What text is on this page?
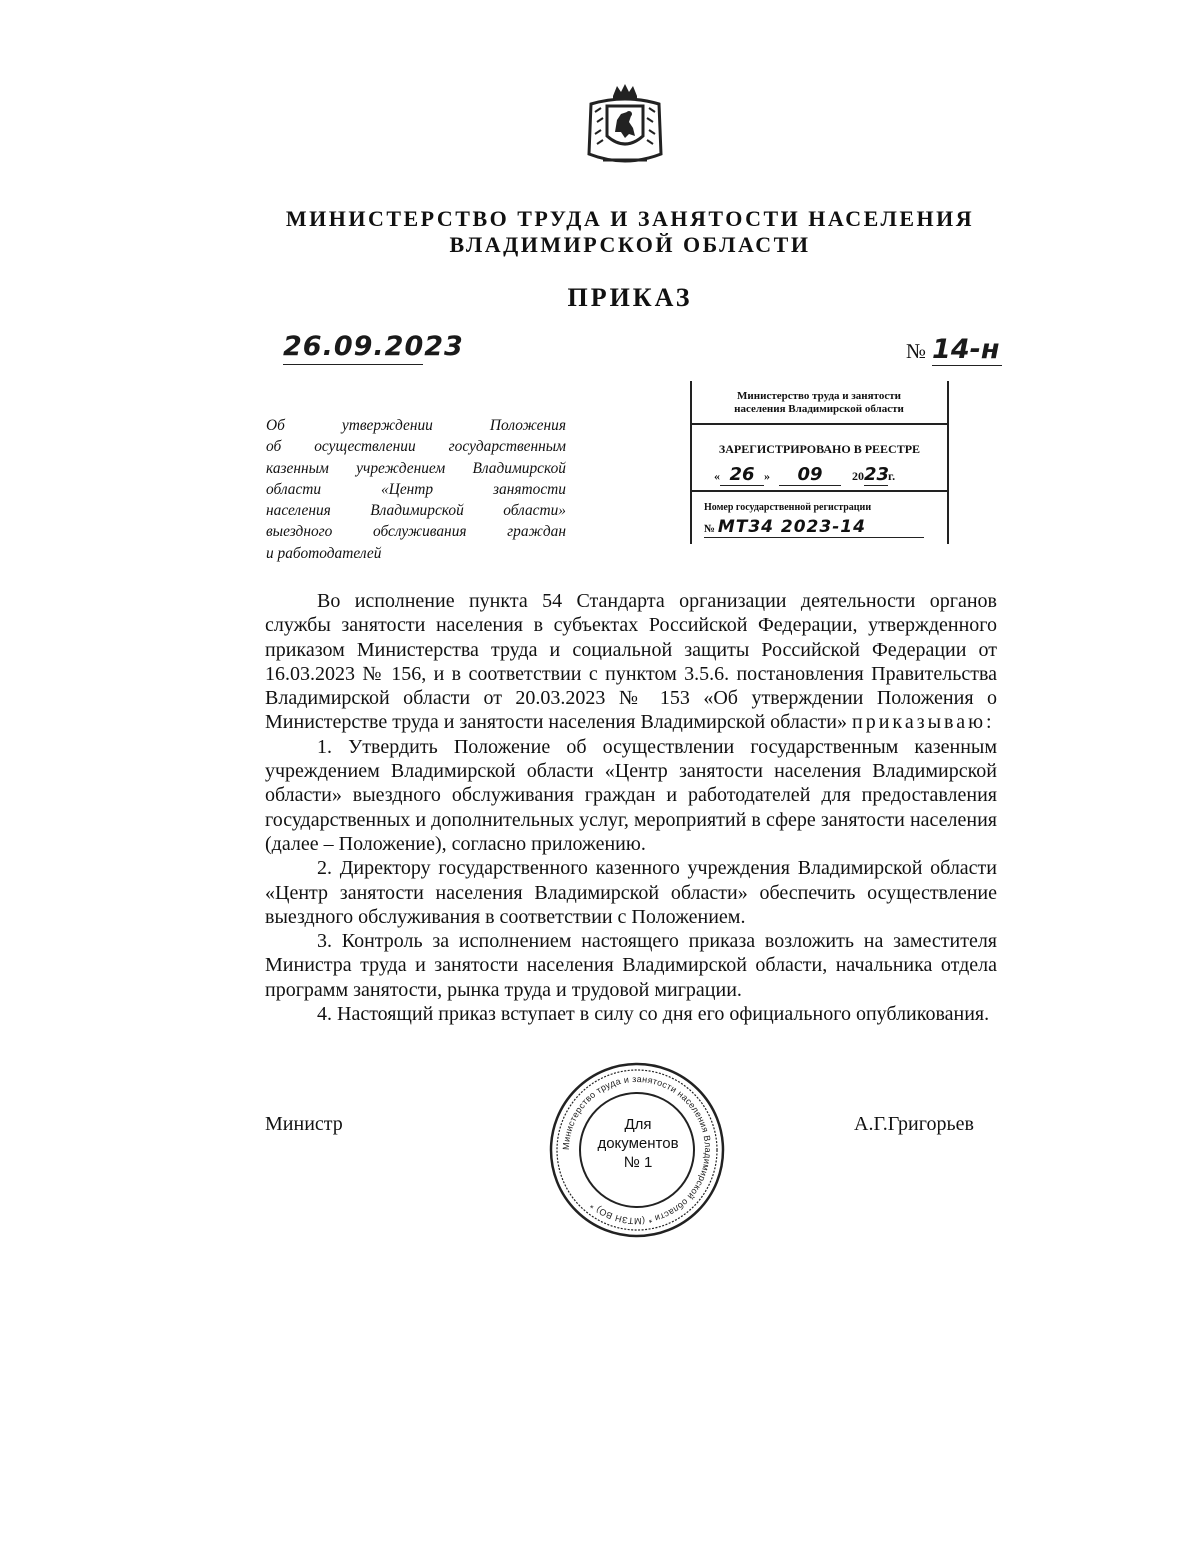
МИНИСТЕРСТВО ТРУДА И ЗАНЯТОСТИ НАСЕЛЕНИЯ
ВЛАДИМИРСКОЙ ОБЛАСТИ
ПРИКАЗ
26.09.2023	№ 14-н
Министерство труда и занятости
населения Владимирской области
ЗАРЕГИСТРИРОВАНО В РЕЕСТРЕ
« 26 » 09 2023г.
Номер государственной регистрации
№ МТ34 2023-14
Об утверждении Положения
об осуществлении государственным
казенным учреждением Владимирской
области «Центр занятости
населения Владимирской области»
выездного обслуживания граждан
и работодателей

Во исполнение пункта 54 Стандарта организации деятельности органов службы занятости населения в субъектах Российской Федерации, утвержденного приказом Министерства труда и социальной защиты Российской Федерации от 16.03.2023 № 156, и в соответствии с пунктом 3.5.6. постановления Правительства Владимирской области от 20.03.2023 № 153 «Об утверждении Положения о Министерстве труда и занятости населения Владимирской области» приказываю:

1. Утвердить Положение об осуществлении государственным казенным учреждением Владимирской области «Центр занятости населения Владимирской области» выездного обслуживания граждан и работодателей для предоставления государственных и дополнительных услуг, мероприятий в сфере занятости населения (далее – Положение), согласно приложению.

2. Директору государственного казенного учреждения Владимирской области «Центр занятости населения Владимирской области» обеспечить осуществление выездного обслуживания в соответствии с Положением.

3. Контроль за исполнением настоящего приказа возложить на заместителя Министра труда и занятости населения Владимирской области, начальника отдела программ занятости, рынка труда и трудовой миграции.

4. Настоящий приказ вступает в силу со дня его официального опубликования.

Министр	А.Г.Григорьев
Министерство труда и занятости населения Владимирской области * (МТЗН ВО) *
Для
документов
№ 1
